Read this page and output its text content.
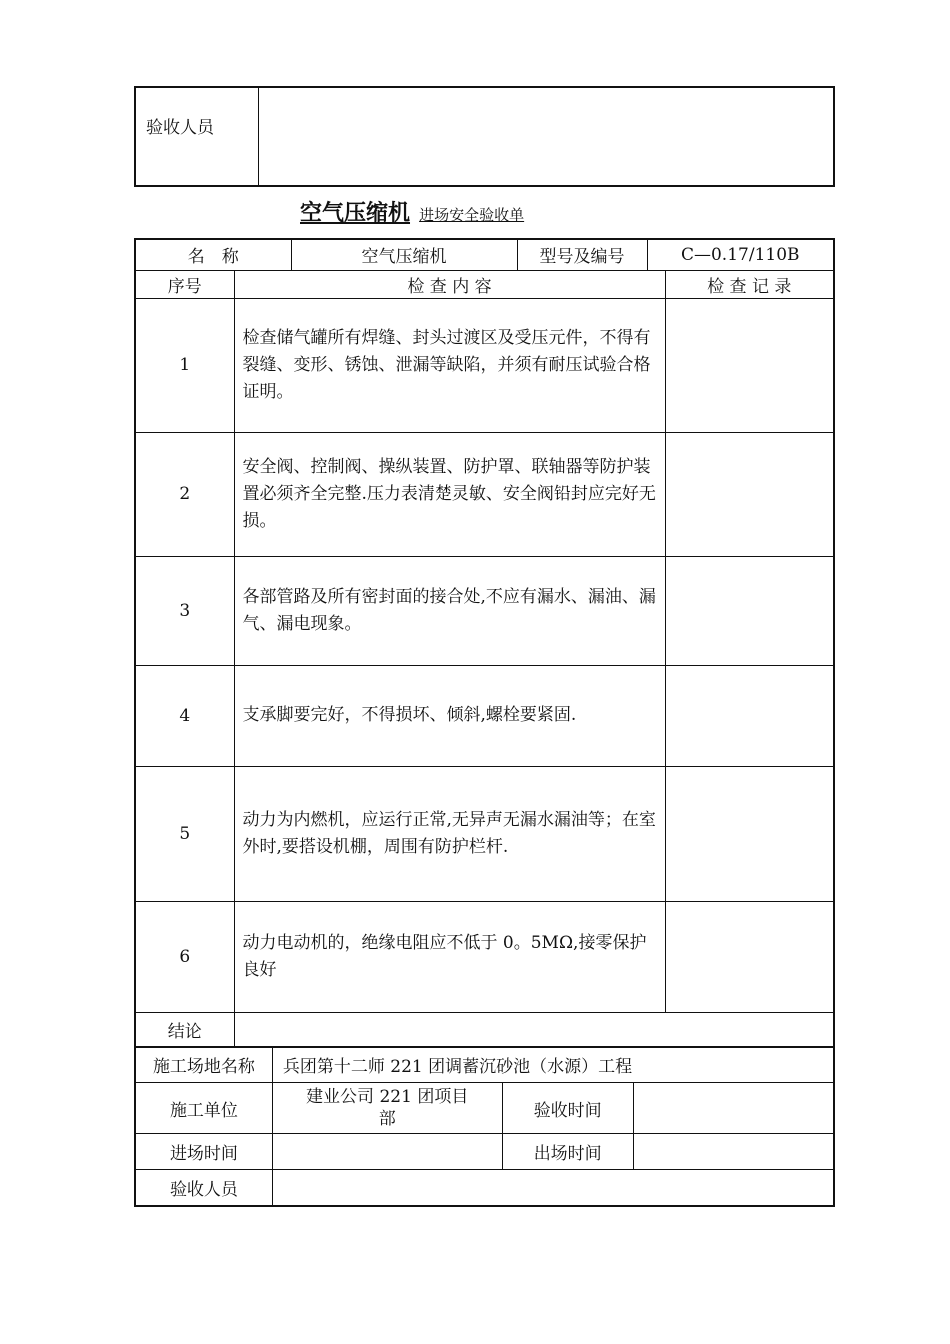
验收人员
空气压缩机 进场安全验收单
名　称		空气压缩机	型号及编号	C—0.17/110B	
序号	检 查 内 容				检 查 记 录
1	检查储气罐所有焊缝、封头过渡区及受压元件，不得有裂缝、变形、锈蚀、泄漏等缺陷，并须有耐压试验合格证明。				
2	安全阀、控制阀、操纵装置、防护罩、联轴器等防护装置必须齐全完整.压力表清楚灵敏、安全阀铅封应完好无损。				
3	各部管路及所有密封面的接合处,不应有漏水、漏油、漏气、漏电现象。				
4	支承脚要完好，不得损坏、倾斜,螺栓要紧固.				
5	动力为内燃机，应运行正常,无异声无漏水漏油等；在室外时,要搭设机棚，周围有防护栏杆.				
6	动力电动机的，绝缘电阻应不低于 0。5MΩ,接零保护良好				
结论					
施工场地名称	兵团第十二师 221 团调蓄沉砂池（水源）工程		
施工单位	建业公司 221 团项目部	验收时间	
进场时间		出场时间	
验收人员			
